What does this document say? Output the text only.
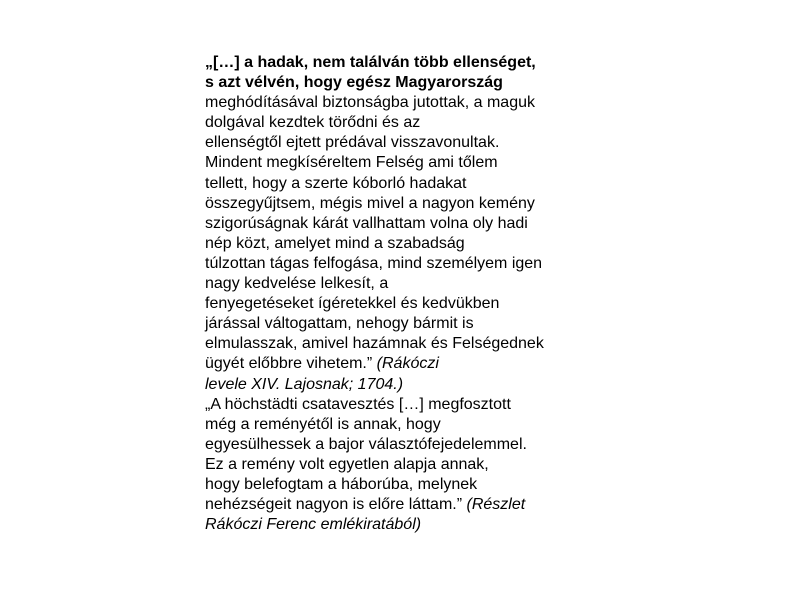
„[…] a hadak, nem találván több ellenséget,
s azt vélvén, hogy egész Magyarország
meghódításával biztonságba jutottak, a maguk
dolgával kezdtek törődni és az
ellenségtől ejtett prédával visszavonultak.
Mindent megkíséreltem Felség ami tőlem
tellett, hogy a szerte kóborló hadakat
összegyűjtsem, mégis mivel a nagyon kemény
szigorúságnak kárát vallhattam volna oly hadi
nép közt, amelyet mind a szabadság
túlzottan tágas felfogása, mind személyem igen
nagy kedvelése lelkesít, a
fenyegetéseket ígéretekkel és kedvükben
járással váltogattam, nehogy bármit is
elmulasszak, amivel hazámnak és Felségednek
ügyét előbbre vihetem.” (Rákóczi
levele XIV. Lajosnak; 1704.)
„A höchstädti csatavesztés […] megfosztott
még a reményétől is annak, hogy
egyesülhessek a bajor választófejedelemmel.
Ez a remény volt egyetlen alapja annak,
hogy belefogtam a háborúba, melynek
nehézségeit nagyon is előre láttam.” (Részlet
Rákóczi Ferenc emlékiratából)
